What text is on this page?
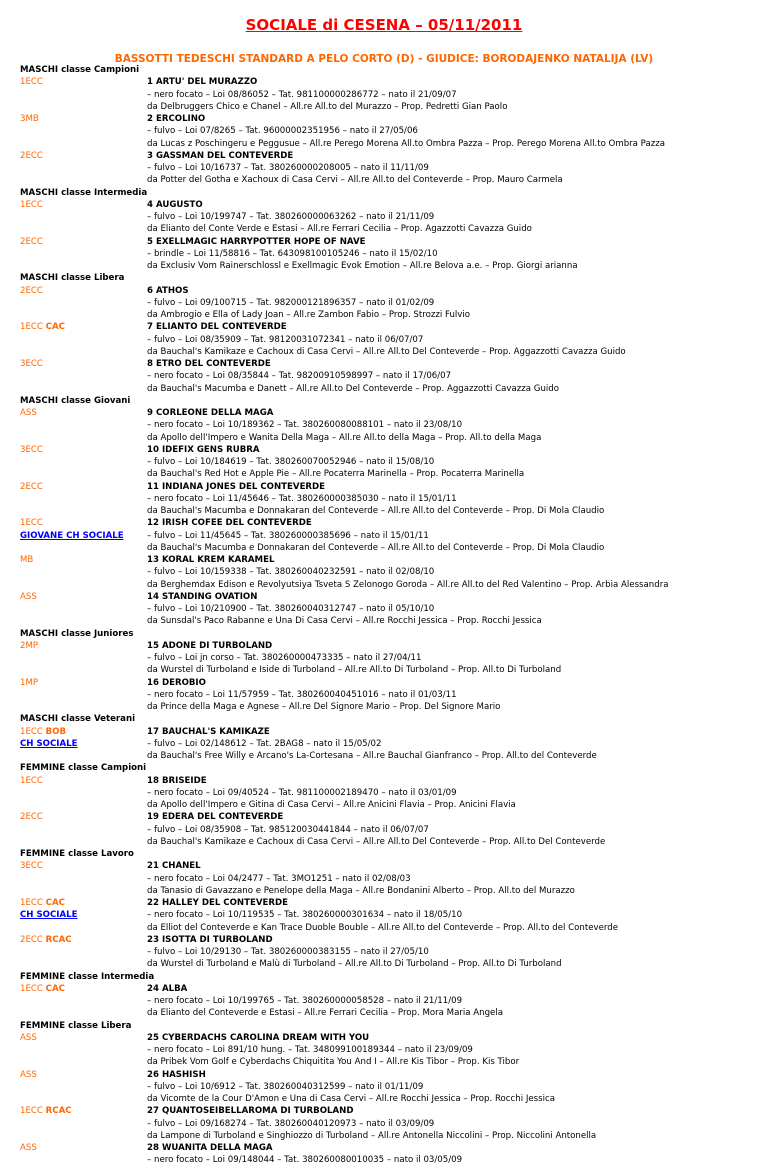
SOCIALE di CESENA – 05/11/2011
BASSOTTI TEDESCHI STANDARD A PELO CORTO (D) - GIUDICE: BORODAJENKO NATALIJA (LV)
MASCHI classe Campioni
1ECC	1 ARTU' DEL MURAZZO
– nero focato – Loi 08/86052 – Tat. 981100000286772 – nato il 21/09/07
da Delbruggers Chico e Chanel – All.re All.to del Murazzo – Prop. Pedretti Gian Paolo
3MB	2 ERCOLINO
– fulvo – Loi 07/8265 – Tat. 96000002351956 – nato il 27/05/06
da Lucas z Poschingeru e Peggusue – All.re Perego Morena All.to Ombra Pazza – Prop. Perego Morena All.to Ombra Pazza
2ECC	3 GASSMAN DEL CONTEVERDE
– fulvo – Loi 10/16737 – Tat. 380260000208005 – nato il 11/11/09
da Potter del Gotha e Xachoux di Casa Cervi – All.re All.to del Conteverde – Prop. Mauro Carmela
MASCHI classe Intermedia
1ECC	4 AUGUSTO
– fulvo – Loi 10/199747 – Tat. 380260000063262 – nato il 21/11/09
da Elianto del Conte Verde e Estasi – All.re Ferrari Cecilia – Prop. Agazzotti Cavazza Guido
2ECC	5 EXELLMAGIC HARRYPOTTER HOPE OF NAVE
– brindle – Loi 11/58816 – Tat. 643098100105246 – nato il 15/02/10
da Exclusiv Vom Rainerschlossl e Exellmagic Evok Emotion – All.re Belova a.e. – Prop. Giorgi arianna
MASCHI classe Libera
2ECC	6 ATHOS
– fulvo – Loi 09/100715 – Tat. 982000121896357 – nato il 01/02/09
da Ambrogio e Ella of Lady Joan – All.re Zambon Fabio – Prop. Strozzi Fulvio
1ECC CAC	7 ELIANTO DEL CONTEVERDE
– fulvo – Loi 08/35909 – Tat. 98120031072341 – nato il 06/07/07
da Bauchal's Kamikaze e Cachoux di Casa Cervi – All.re All.to Del Conteverde – Prop. Aggazzotti Cavazza Guido
3ECC	8 ETRO DEL CONTEVERDE
– nero focato – Loi 08/35844 – Tat. 98200910598997 – nato il 17/06/07
da Bauchal's Macumba e Danett – All.re All.to Del Conteverde – Prop. Aggazzotti Cavazza Guido
MASCHI classe Giovani
ASS	9 CORLEONE DELLA MAGA
– nero focato – Loi 10/189362 – Tat. 380260080088101 – nato il 23/08/10
da Apollo dell'Impero e Wanita Della Maga – All.re All.to della Maga – Prop. All.to della Maga
3ECC	10 IDEFIX GENS RUBRA
– fulvo – Loi 10/184619 – Tat. 380260070052946 – nato il 15/08/10
da Bauchal's Red Hot e Apple Pie – All.re Pocaterra Marinella – Prop. Pocaterra Marinella
2ECC	11 INDIANA JONES DEL CONTEVERDE
– nero focato – Loi 11/45646 – Tat. 380260000385030 – nato il 15/01/11
da Bauchal's Macumba e Donnakaran del Conteverde – All.re All.to del Conteverde – Prop. Di Mola Claudio
1ECC	12 IRISH COFEE DEL CONTEVERDE
GIOVANE CH SOCIALE	– fulvo – Loi 11/45645 – Tat. 380260000385696 – nato il 15/01/11
da Bauchal's Macumba e Donnakaran del Conteverde – All.re All.to del Conteverde – Prop. Di Mola Claudio
MB	13 KORAL KREM KARAMEL
– fulvo – Loi 10/159338 – Tat. 380260040232591 – nato il 02/08/10
da Berghemdax Edison e Revolyutsiya Tsveta S Zelonogo Goroda – All.re All.to del Red Valentino – Prop. Arbia Alessandra
ASS	14 STANDING OVATION
– fulvo – Loi 10/210900 – Tat. 380260040312747 – nato il 05/10/10
da Sunsdal's Paco Rabanne e Una Di Casa Cervi – All.re Rocchi Jessica – Prop. Rocchi Jessica
MASCHI classe Juniores
2MP	15 ADONE DI TURBOLAND
– fulvo – Loi jn corso – Tat. 380260000473335 – nato il 27/04/11
da Wurstel di Turboland e Iside di Turboland – All.re All.to Di Turboland – Prop. All.to Di Turboland
1MP	16 DEROBIO
– nero focato – Loi 11/57959 – Tat. 380260040451016 – nato il 01/03/11
da Prince della Maga e Agnese – All.re Del Signore Mario – Prop. Del Signore Mario
MASCHI classe Veterani
1ECC BOB	17 BAUCHAL'S KAMIKAZE
CH SOCIALE	– fulvo – Loi 02/148612 – Tat. 2BAG8 – nato il 15/05/02
da Bauchal's Free Willy e Arcano's La-Cortesana – All.re Bauchal Gianfranco – Prop. All.to del Conteverde
FEMMINE classe Campioni
1ECC	18 BRISEIDE
– nero focato – Loi 09/40524 – Tat. 981100002189470 – nato il 03/01/09
da Apollo dell'Impero e Gitina di Casa Cervi – All.re Anicini Flavia – Prop. Anicini Flavia
2ECC	19 EDERA DEL CONTEVERDE
– fulvo – Loi 08/35908 – Tat. 985120030441844 – nato il 06/07/07
da Bauchal's Kamikaze e Cachoux di Casa Cervi – All.re All.to Del Conteverde – Prop. All.to Del Conteverde
FEMMINE classe Lavoro
3ECC	21 CHANEL
– nero focato – Loi 04/2477 – Tat. 3MO1251 – nato il 02/08/03
da Tanasio di Gavazzano e Penelope della Maga – All.re Bondanini Alberto – Prop. All.to del Murazzo
1ECC CAC	22 HALLEY DEL CONTEVERDE
CH SOCIALE	– nero focato – Loi 10/119535 – Tat. 380260000301634 – nato il 18/05/10
da Elliot del Conteverde e Kan Trace Duoble Bouble – All.re All.to del Conteverde – Prop. All.to del Conteverde
2ECC RCAC	23 ISOTTA DI TURBOLAND
– fulvo – Loi 10/29130 – Tat. 380260000383155 – nato il 27/05/10
da Wurstel di Turboland e Malù di Turboland – All.re All.to Di Turboland – Prop. All.to Di Turboland
FEMMINE classe Intermedia
1ECC CAC	24 ALBA
– nero focato – Loi 10/199765 – Tat. 380260000058528 – nato il 21/11/09
da Elianto del Conteverde e Estasi – All.re Ferrari Cecilia – Prop. Mora Maria Angela
FEMMINE classe Libera
ASS	25 CYBERDACHS CAROLINA DREAM WITH YOU
– nero focato – Loi 891/10 hung. – Tat. 348099100189344 – nato il 23/09/09
da Pribek Vom Golf e Cyberdachs Chiquitita You And I – All.re Kis Tibor – Prop. Kis Tibor
ASS	26 HASHISH
– fulvo – Loi 10/6912 – Tat. 380260040312599 – nato il 01/11/09
da Vicomte de la Cour D'Amon e Una di Casa Cervi – All.re Rocchi Jessica – Prop. Rocchi Jessica
1ECC RCAC	27 QUANTOSEIBELLAROMA DI TURBOLAND
– fulvo – Loi 09/168274 – Tat. 380260040120973 – nato il 03/09/09
da Lampone di Turboland e Singhiozzo di Turboland – All.re Antonella Niccolini – Prop. Niccolini Antonella
ASS	28 WUANITA DELLA MAGA
– nero focato – Loi 09/148044 – Tat. 380260080010035 – nato il 03/05/09
